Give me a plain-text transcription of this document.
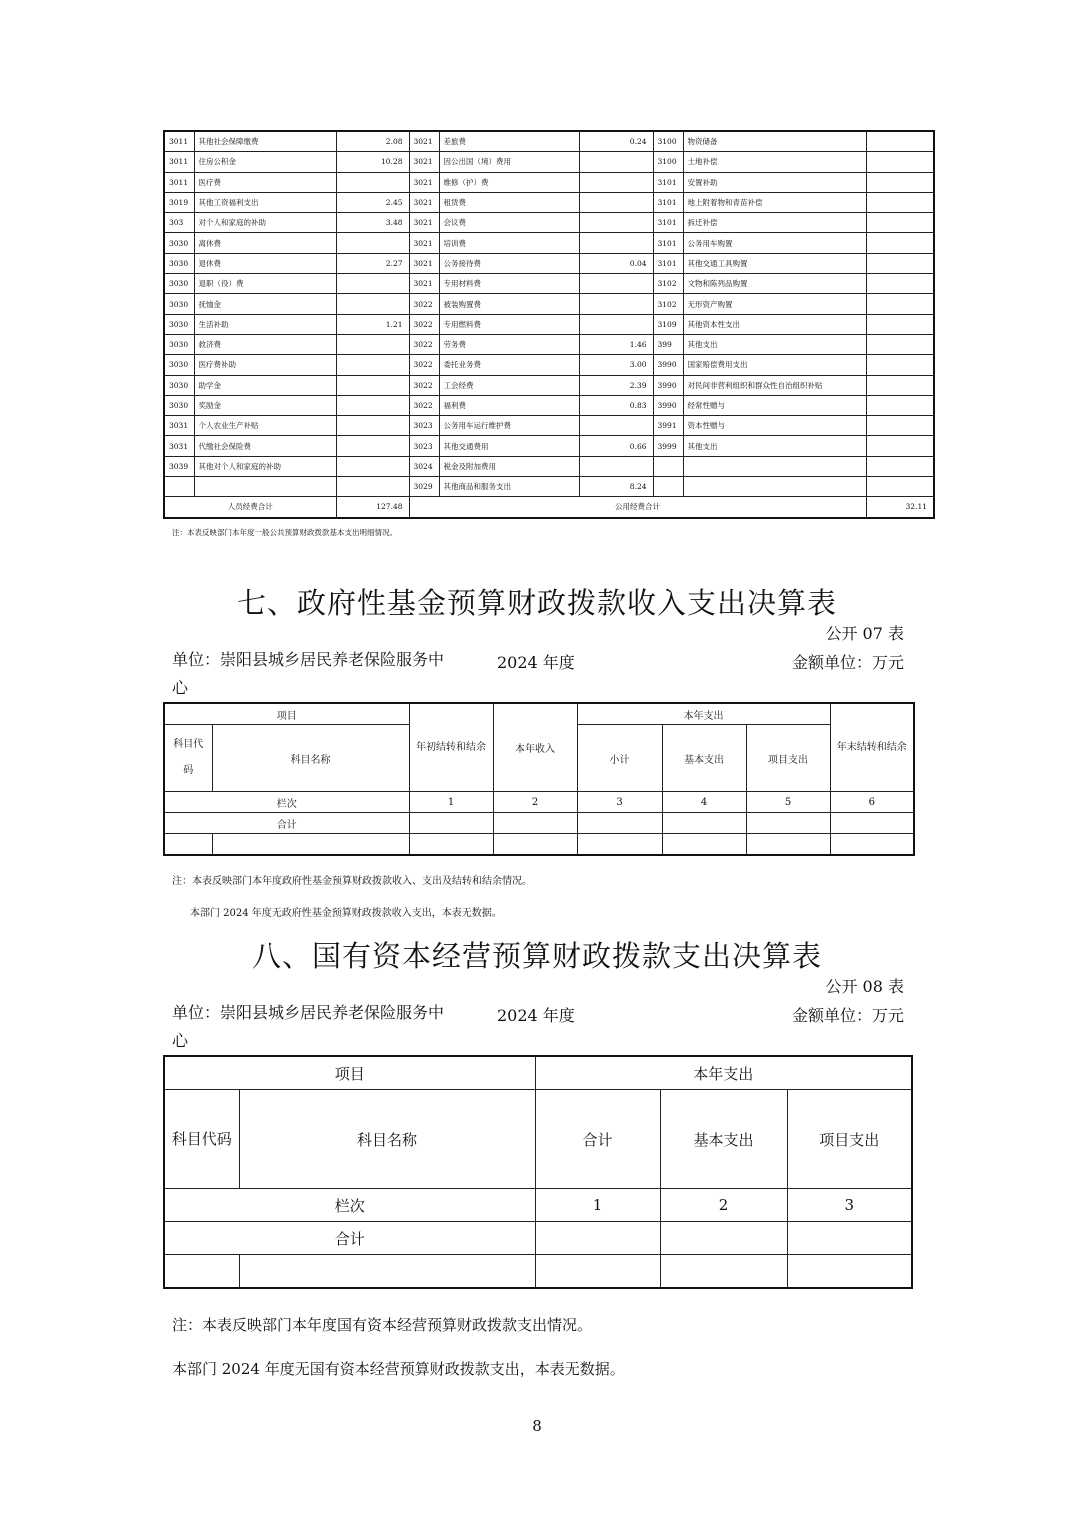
3011	其他社会保障缴费	2.08	3021	差旅费	0.24	3100	物资储备	
3011	住房公积金	10.28	3021	因公出国（境）费用		3100	土地补偿	
3011	医疗费		3021	维修（护）费		3101	安置补助	
3019	其他工资福利支出	2.45	3021	租赁费		3101	地上附着物和青苗补偿	
303	对个人和家庭的补助	3.48	3021	会议费		3101	拆迁补偿	
3030	离休费		3021	培训费		3101	公务用车购置	
3030	退休费	2.27	3021	公务接待费	0.04	3101	其他交通工具购置	
3030	退职（役）费		3021	专用材料费		3102	文物和陈列品购置	
3030	抚恤金		3022	被装购置费		3102	无形资产购置	
3030	生活补助	1.21	3022	专用燃料费		3109	其他资本性支出	
3030	救济费		3022	劳务费	1.46	399	其他支出	
3030	医疗费补助		3022	委托业务费	3.00	3990	国家赔偿费用支出	
3030	助学金		3022	工会经费	2.39	3990	对民间非营利组织和群众性自治组织补贴	
3030	奖励金		3022	福利费	0.83	3990	经常性赠与	
3031	个人农业生产补贴		3023	公务用车运行维护费		3991	资本性赠与	
3031	代缴社会保险费		3023	其他交通费用	0.66	3999	其他支出	
3039	其他对个人和家庭的补助		3024	税金及附加费用				
			3029	其他商品和服务支出	8.24			
人员经费合计		127.48	公用经费合计					32.11
注：本表反映部门本年度一般公共预算财政拨款基本支出明细情况。
七、政府性基金预算财政拨款收入支出决算表
公开 07 表
单位：崇阳县城乡居民养老保险服务中心
2024 年度	金额单位：万元
项目		年初结转和结余	本年收入	本年支出			年末结转和结余
科目代码	科目名称			小计	基本支出	项目支出	
栏次		1	2	3	4	5	6
合计							

注：本表反映部门本年度政府性基金预算财政拨款收入、支出及结转和结余情况。
本部门 2024 年度无政府性基金预算财政拨款收入支出，本表无数据。
八、国有资本经营预算财政拨款支出决算表
公开 08 表
单位：崇阳县城乡居民养老保险服务中心
2024 年度	金额单位：万元
项目		本年支出		
科目代码	科目名称	合计	基本支出	项目支出
栏次		1	2	3
合计				

注：本表反映部门本年度国有资本经营预算财政拨款支出情况。
本部门 2024 年度无国有资本经营预算财政拨款支出，本表无数据。
8
